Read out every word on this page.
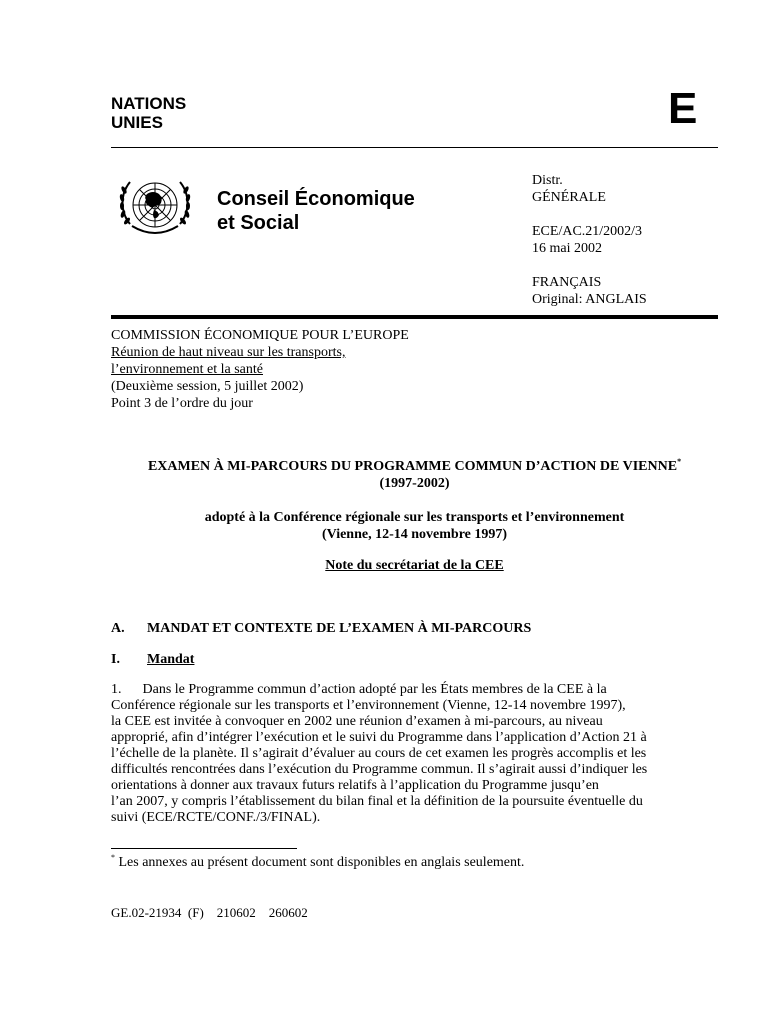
NATIONS
UNIES	E
Conseil Économique
et Social
Distr.
GÉNÉRALE
ECE/AC.21/2002/3
16 mai 2002
FRANÇAIS
Original: ANGLAIS
COMMISSION ÉCONOMIQUE POUR L’EUROPE
Réunion de haut niveau sur les transports,
l’environnement et la santé
(Deuxième session, 5 juillet 2002)
Point 3 de l’ordre du jour
EXAMEN À MI-PARCOURS DU PROGRAMME COMMUN D’ACTION DE VIENNE*
(1997-2002)
adopté à la Conférence régionale sur les transports et l’environnement
(Vienne, 12-14 novembre 1997)
Note du secrétariat de la CEE
A. MANDAT ET CONTEXTE DE L’EXAMEN À MI-PARCOURS
I. Mandat
1.      Dans le Programme commun d’action adopté par les États membres de la CEE à la
Conférence régionale sur les transports et l’environnement (Vienne, 12-14 novembre 1997),
la CEE est invitée à convoquer en 2002 une réunion d’examen à mi-parcours, au niveau
approprié, afin d’intégrer l’exécution et le suivi du Programme dans l’application d’Action 21 à
l’échelle de la planète. Il s’agirait d’évaluer au cours de cet examen les progrès accomplis et les
difficultés rencontrées dans l’exécution du Programme commun. Il s’agirait aussi d’indiquer les
orientations à donner aux travaux futurs relatifs à l’application du Programme jusqu’en
l’an 2007, y compris l’établissement du bilan final et la définition de la poursuite éventuelle du
suivi (ECE/RCTE/CONF./3/FINAL).
* Les annexes au présent document sont disponibles en anglais seulement.
GE.02-21934  (F)    210602    260602
